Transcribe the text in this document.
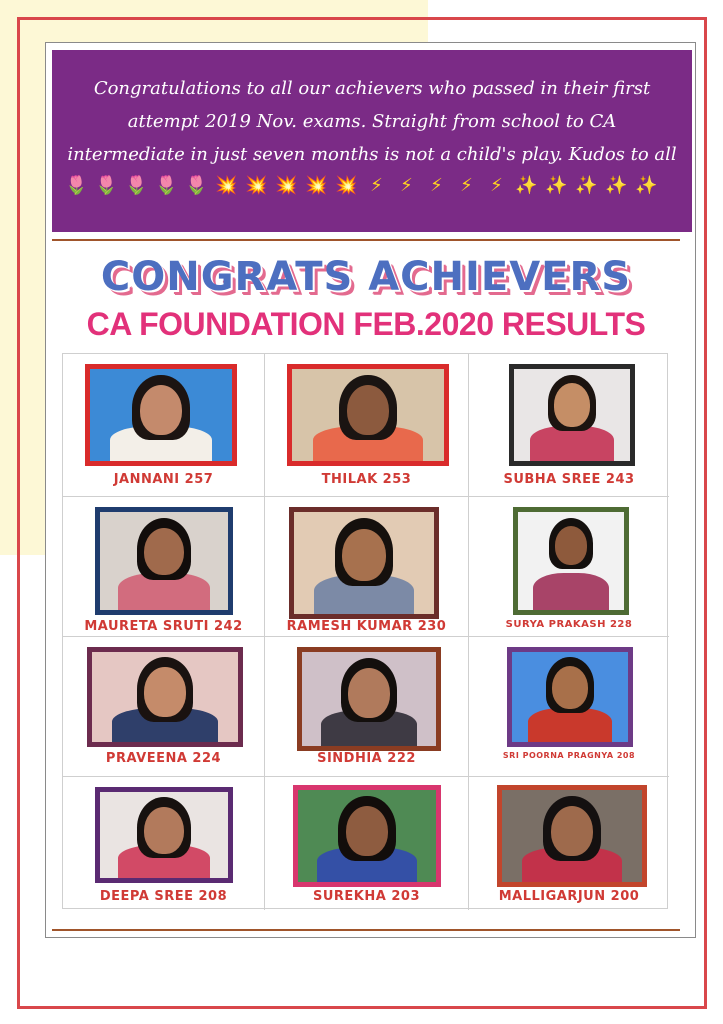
Congratulations to all our achievers who passed in their first
attempt 2019 Nov. exams. Straight from school to CA
intermediate in just seven months is not a child's play. Kudos to all
🌷 🌷 🌷 🌷 🌷 💥 💥 💥 💥 💥 ⚡ ⚡ ⚡ ⚡ ⚡ ✨ ✨ ✨ ✨ ✨
CONGRATS ACHIEVERS
CA FOUNDATION FEB.2020 RESULTS
JANNANI 257	THILAK 253	SUBHA SREE 243
MAURETA SRUTI 242	RAMESH KUMAR 230	SURYA PRAKASH 228
PRAVEENA 224	SINDHIA 222	SRI POORNA PRAGNYA 208
DEEPA SREE 208	SUREKHA 203	MALLIGARJUN 200
